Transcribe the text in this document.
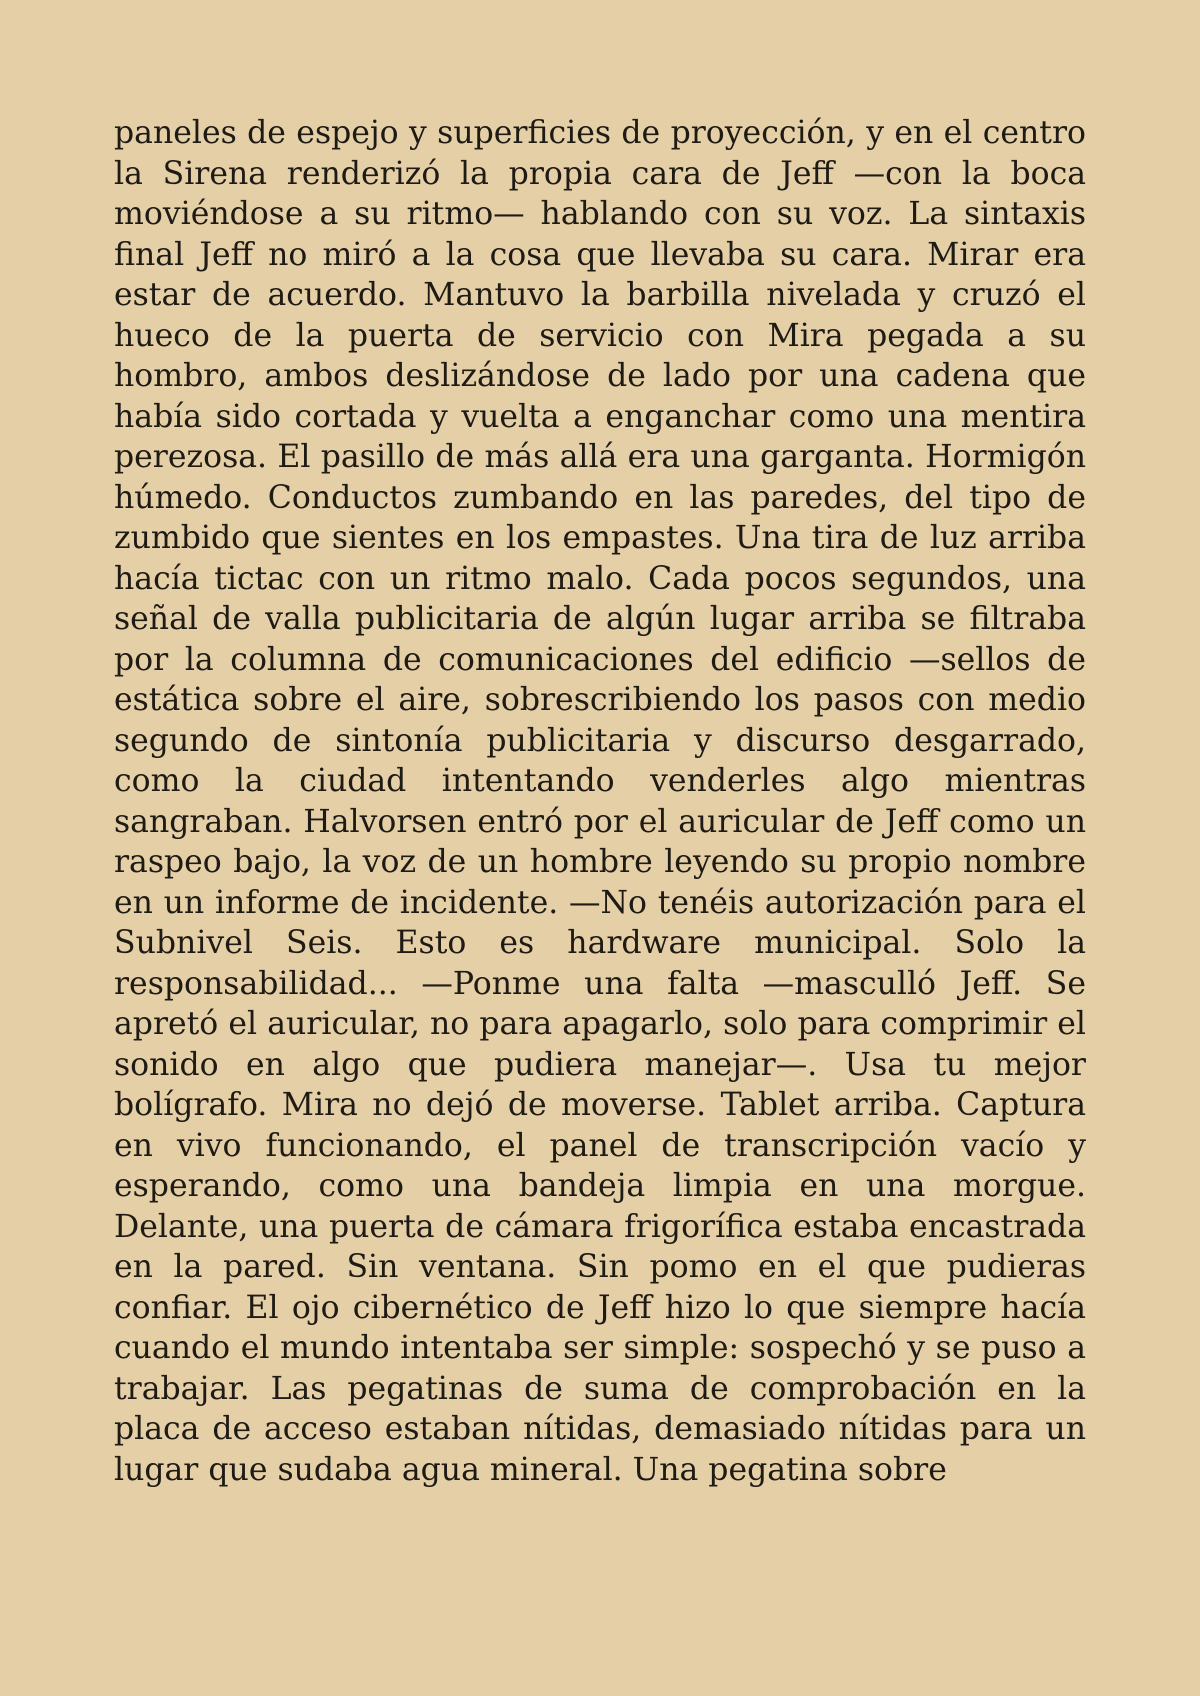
paneles de espejo y superficies de proyección, y en el centro la Sirena renderizó la propia cara de Jeff —con la boca moviéndose a su ritmo— hablando con su voz. La sintaxis final Jeff no miró a la cosa que llevaba su cara. Mirar era estar de acuerdo. Mantuvo la barbilla nivelada y cruzó el hueco de la puerta de servicio con Mira pegada a su hombro, ambos deslizándose de lado por una cadena que había sido cortada y vuelta a enganchar como una mentira perezosa. El pasillo de más allá era una garganta. Hormigón húmedo. Conductos zumbando en las paredes, del tipo de zumbido que sientes en los empastes. Una tira de luz arriba hacía tictac con un ritmo malo. Cada pocos segundos, una señal de valla publicitaria de algún lugar arriba se filtraba por la columna de comunicaciones del edificio —sellos de estática sobre el aire, sobrescribiendo los pasos con medio segundo de sintonía publicitaria y discurso desgarrado, como la ciudad intentando venderles algo mientras sangraban. Halvorsen entró por el auricular de Jeff como un raspeo bajo, la voz de un hombre leyendo su propio nombre en un informe de incidente. —No tenéis autorización para el Subnivel Seis. Esto es hardware municipal. Solo la responsabilidad... —Ponme una falta —masculló Jeff. Se apretó el auricular, no para apagarlo, solo para comprimir el sonido en algo que pudiera manejar—. Usa tu mejor bolígrafo. Mira no dejó de moverse. Tablet arriba. Captura en vivo funcionando, el panel de transcripción vacío y esperando, como una bandeja limpia en una morgue. Delante, una puerta de cámara frigorífica estaba encastrada en la pared. Sin ventana. Sin pomo en el que pudieras confiar. El ojo cibernético de Jeff hizo lo que siempre hacía cuando el mundo intentaba ser simple: sospechó y se puso a trabajar. Las pegatinas de suma de comprobación en la placa de acceso estaban nítidas, demasiado nítidas para un lugar que sudaba agua mineral. Una pegatina sobre
